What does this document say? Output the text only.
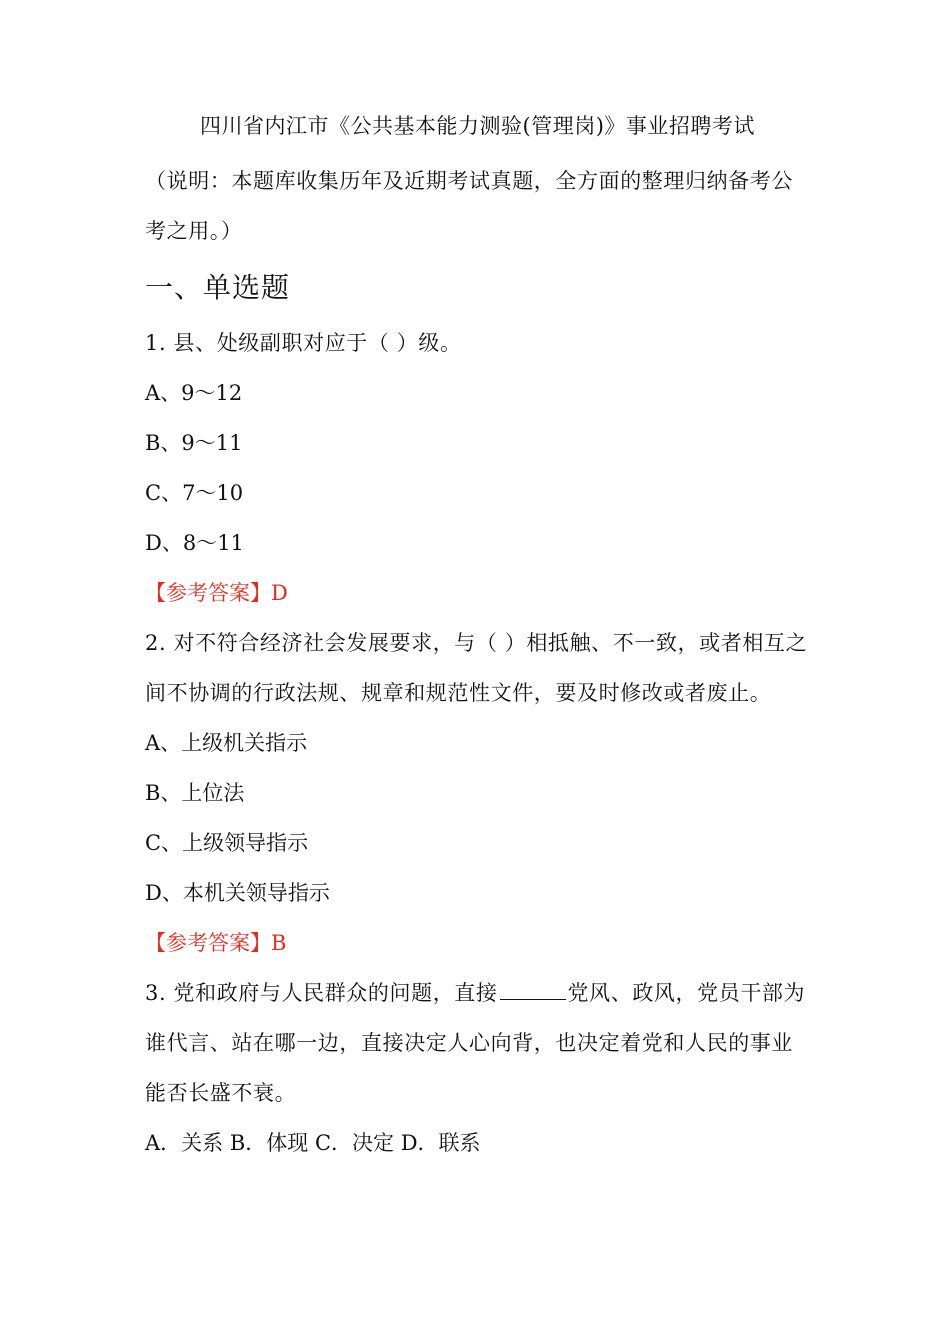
四川省内江市《公共基本能力测验(管理岗)》事业招聘考试
（说明：本题库收集历年及近期考试真题，全方面的整理归纳备考公考之用。）
一、单选题
1. 县、处级副职对应于（ ）级。
A、9～12
B、9～11
C、7～10
D、8～11
【参考答案】D
2. 对不符合经济社会发展要求，与（ ）相抵触、不一致，或者相互之间不协调的行政法规、规章和规范性文件，要及时修改或者废止。
A、上级机关指示
B、上位法
C、上级领导指示
D、本机关领导指示
【参考答案】B
3. 党和政府与人民群众的问题，直接	党风、政风，党员干部为谁代言、站在哪一边，直接决定人心向背，也决定着党和人民的事业能否长盛不衰。
A．关系 B．体现 C．决定 D．联系
